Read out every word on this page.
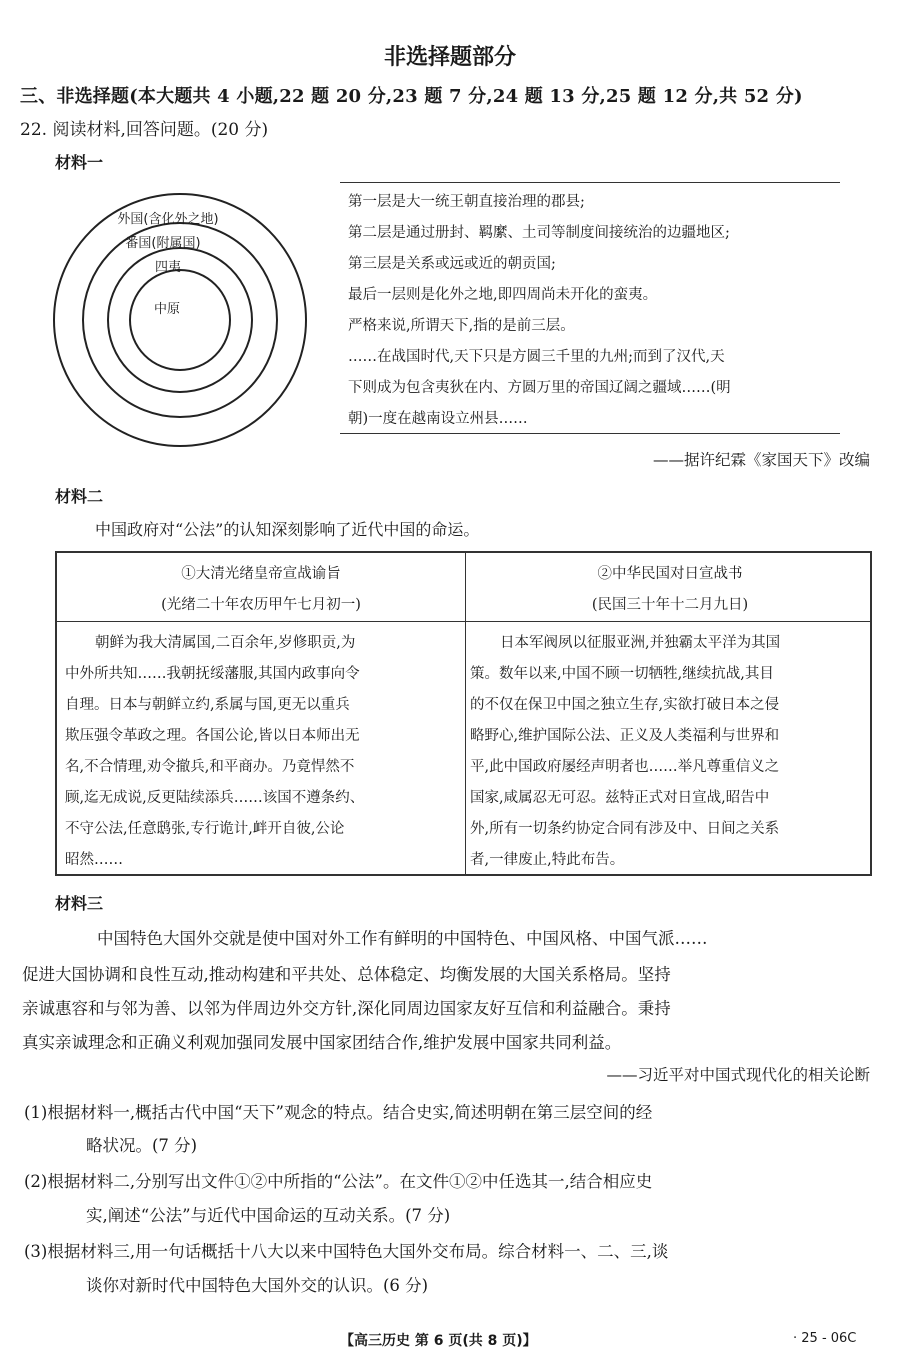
非选择题部分
三、非选择题(本大题共 4 小题,22 题 20 分,23 题 7 分,24 题 13 分,25 题 12 分,共 52 分)
22. 阅读材料,回答问题。(20 分)
材料一
外国(含化外之地)
番国(附属国)
四夷
中原
第一层是大一统王朝直接治理的郡县;
第二层是通过册封、羁縻、土司等制度间接统治的边疆地区;
第三层是关系或远或近的朝贡国;
最后一层则是化外之地,即四周尚未开化的蛮夷。
严格来说,所谓天下,指的是前三层。
……在战国时代,天下只是方圆三千里的九州;而到了汉代,天
下则成为包含夷狄在内、方圆万里的帝国辽阔之疆域……(明
朝)一度在越南设立州县……
——据许纪霖《家国天下》改编
材料二
中国政府对“公法”的认知深刻影响了近代中国的命运。
①大清光绪皇帝宣战谕旨
(光绪二十年农历甲午七月初一)
②中华民国对日宣战书
(民国三十年十二月九日)
朝鲜为我大清属国,二百余年,岁修职贡,为
中外所共知……我朝抚绥藩服,其国内政事向令
自理。日本与朝鲜立约,系属与国,更无以重兵
欺压强令革政之理。各国公论,皆以日本师出无
名,不合情理,劝令撤兵,和平商办。乃竟悍然不
顾,迄无成说,反更陆续添兵……该国不遵条约、
不守公法,任意鸱张,专行诡计,衅开自彼,公论
昭然……
日本军阀夙以征服亚洲,并独霸太平洋为其国
策。数年以来,中国不顾一切牺牲,继续抗战,其目
的不仅在保卫中国之独立生存,实欲打破日本之侵
略野心,维护国际公法、正义及人类福利与世界和
平,此中国政府屡经声明者也……举凡尊重信义之
国家,咸属忍无可忍。兹特正式对日宣战,昭告中
外,所有一切条约协定合同有涉及中、日间之关系
者,一律废止,特此布告。
材料三
中国特色大国外交就是使中国对外工作有鲜明的中国特色、中国风格、中国气派……
促进大国协调和良性互动,推动构建和平共处、总体稳定、均衡发展的大国关系格局。坚持
亲诚惠容和与邻为善、以邻为伴周边外交方针,深化同周边国家友好互信和利益融合。秉持
真实亲诚理念和正确义利观加强同发展中国家团结合作,维护发展中国家共同利益。
——习近平对中国式现代化的相关论断
(1)根据材料一,概括古代中国“天下”观念的特点。结合史实,简述明朝在第三层空间的经
略状况。(7 分)
(2)根据材料二,分别写出文件①②中所指的“公法”。在文件①②中任选其一,结合相应史
实,阐述“公法”与近代中国命运的互动关系。(7 分)
(3)根据材料三,用一句话概括十八大以来中国特色大国外交布局。综合材料一、二、三,谈
谈你对新时代中国特色大国外交的认识。(6 分)
【高三历史 第 6 页(共 8 页)】	· 25 - 06C
